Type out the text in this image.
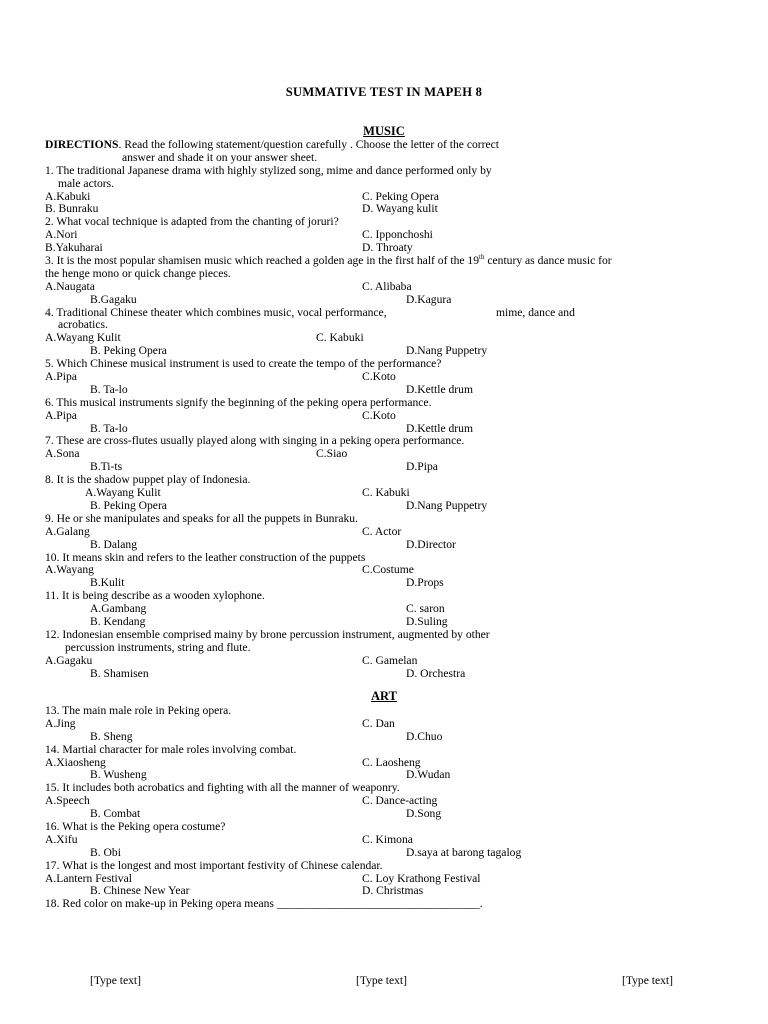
SUMMATIVE TEST IN MAPEH 8
MUSIC
DIRECTIONS. Read the following statement/question carefully . Choose the letter of the correct
answer and shade it on your answer sheet.
1. The traditional Japanese drama with highly stylized song, mime and dance performed only by
male actors.
A.Kabuki	C. Peking Opera
B. Bunraku	D. Wayang kulit
2. What vocal technique is adapted from the chanting of joruri?
A.Nori	C. Ipponchoshi
B.Yakuharai	D. Throaty
3. It is the most popular shamisen music which reached a golden age in the first half of the 19th century as dance music for
the henge mono or quick change pieces.
A.Naugata	C. Alibaba
B.Gagaku	D.Kagura
4. Traditional Chinese theater which combines music, vocal performance,	mime, dance and
acrobatics.
A.Wayang Kulit	C. Kabuki
B. Peking Opera	D.Nang Puppetry
5. Which Chinese musical instrument is used to create the tempo of the performance?
A.Pipa	C.Koto
B. Ta-lo	D.Kettle drum
6. This musical instruments signify the beginning of the peking opera performance.
A.Pipa	C.Koto
B. Ta-lo	D.Kettle drum
7. These are cross-flutes usually played along with singing in a peking opera performance.
A.Sona	C.Siao
B.Ti-ts	D.Pipa
8. It is the shadow puppet play of Indonesia.
A.Wayang Kulit	C. Kabuki
B. Peking Opera	D.Nang Puppetry
9. He or she manipulates and speaks for all the puppets in Bunraku.
A.Galang	C. Actor
B. Dalang	D.Director
10. It means skin and refers to the leather construction of the puppets
A.Wayang	C.Costume
B.Kulit	D.Props
11. It is being describe as a wooden xylophone.
A.Gambang	C. saron
B. Kendang	D.Suling
12. Indonesian ensemble comprised mainy by brone percussion instrument, augmented by other
percussion instruments, string and flute.
A.Gagaku	C. Gamelan
B. Shamisen	D. Orchestra
ART
13. The main male role in Peking opera.
A.Jing	C. Dan
B. Sheng	D.Chuo
14. Martial character for male roles involving combat.
A.Xiaosheng	C. Laosheng
B. Wusheng	D.Wudan
15. It includes both acrobatics and fighting with all the manner of weaponry.
A.Speech	C. Dance-acting
B. Combat	D.Song
16. What is the Peking opera costume?
A.Xifu	C. Kimona
B. Obi	D.saya at barong tagalog
17. What is the longest and most important festivity of Chinese calendar.
A.Lantern Festival	C. Loy Krathong Festival
B. Chinese New Year	D. Christmas
18. Red color on make-up in Peking opera means ___________________________________.
[Type text]	[Type text]	[Type text]
